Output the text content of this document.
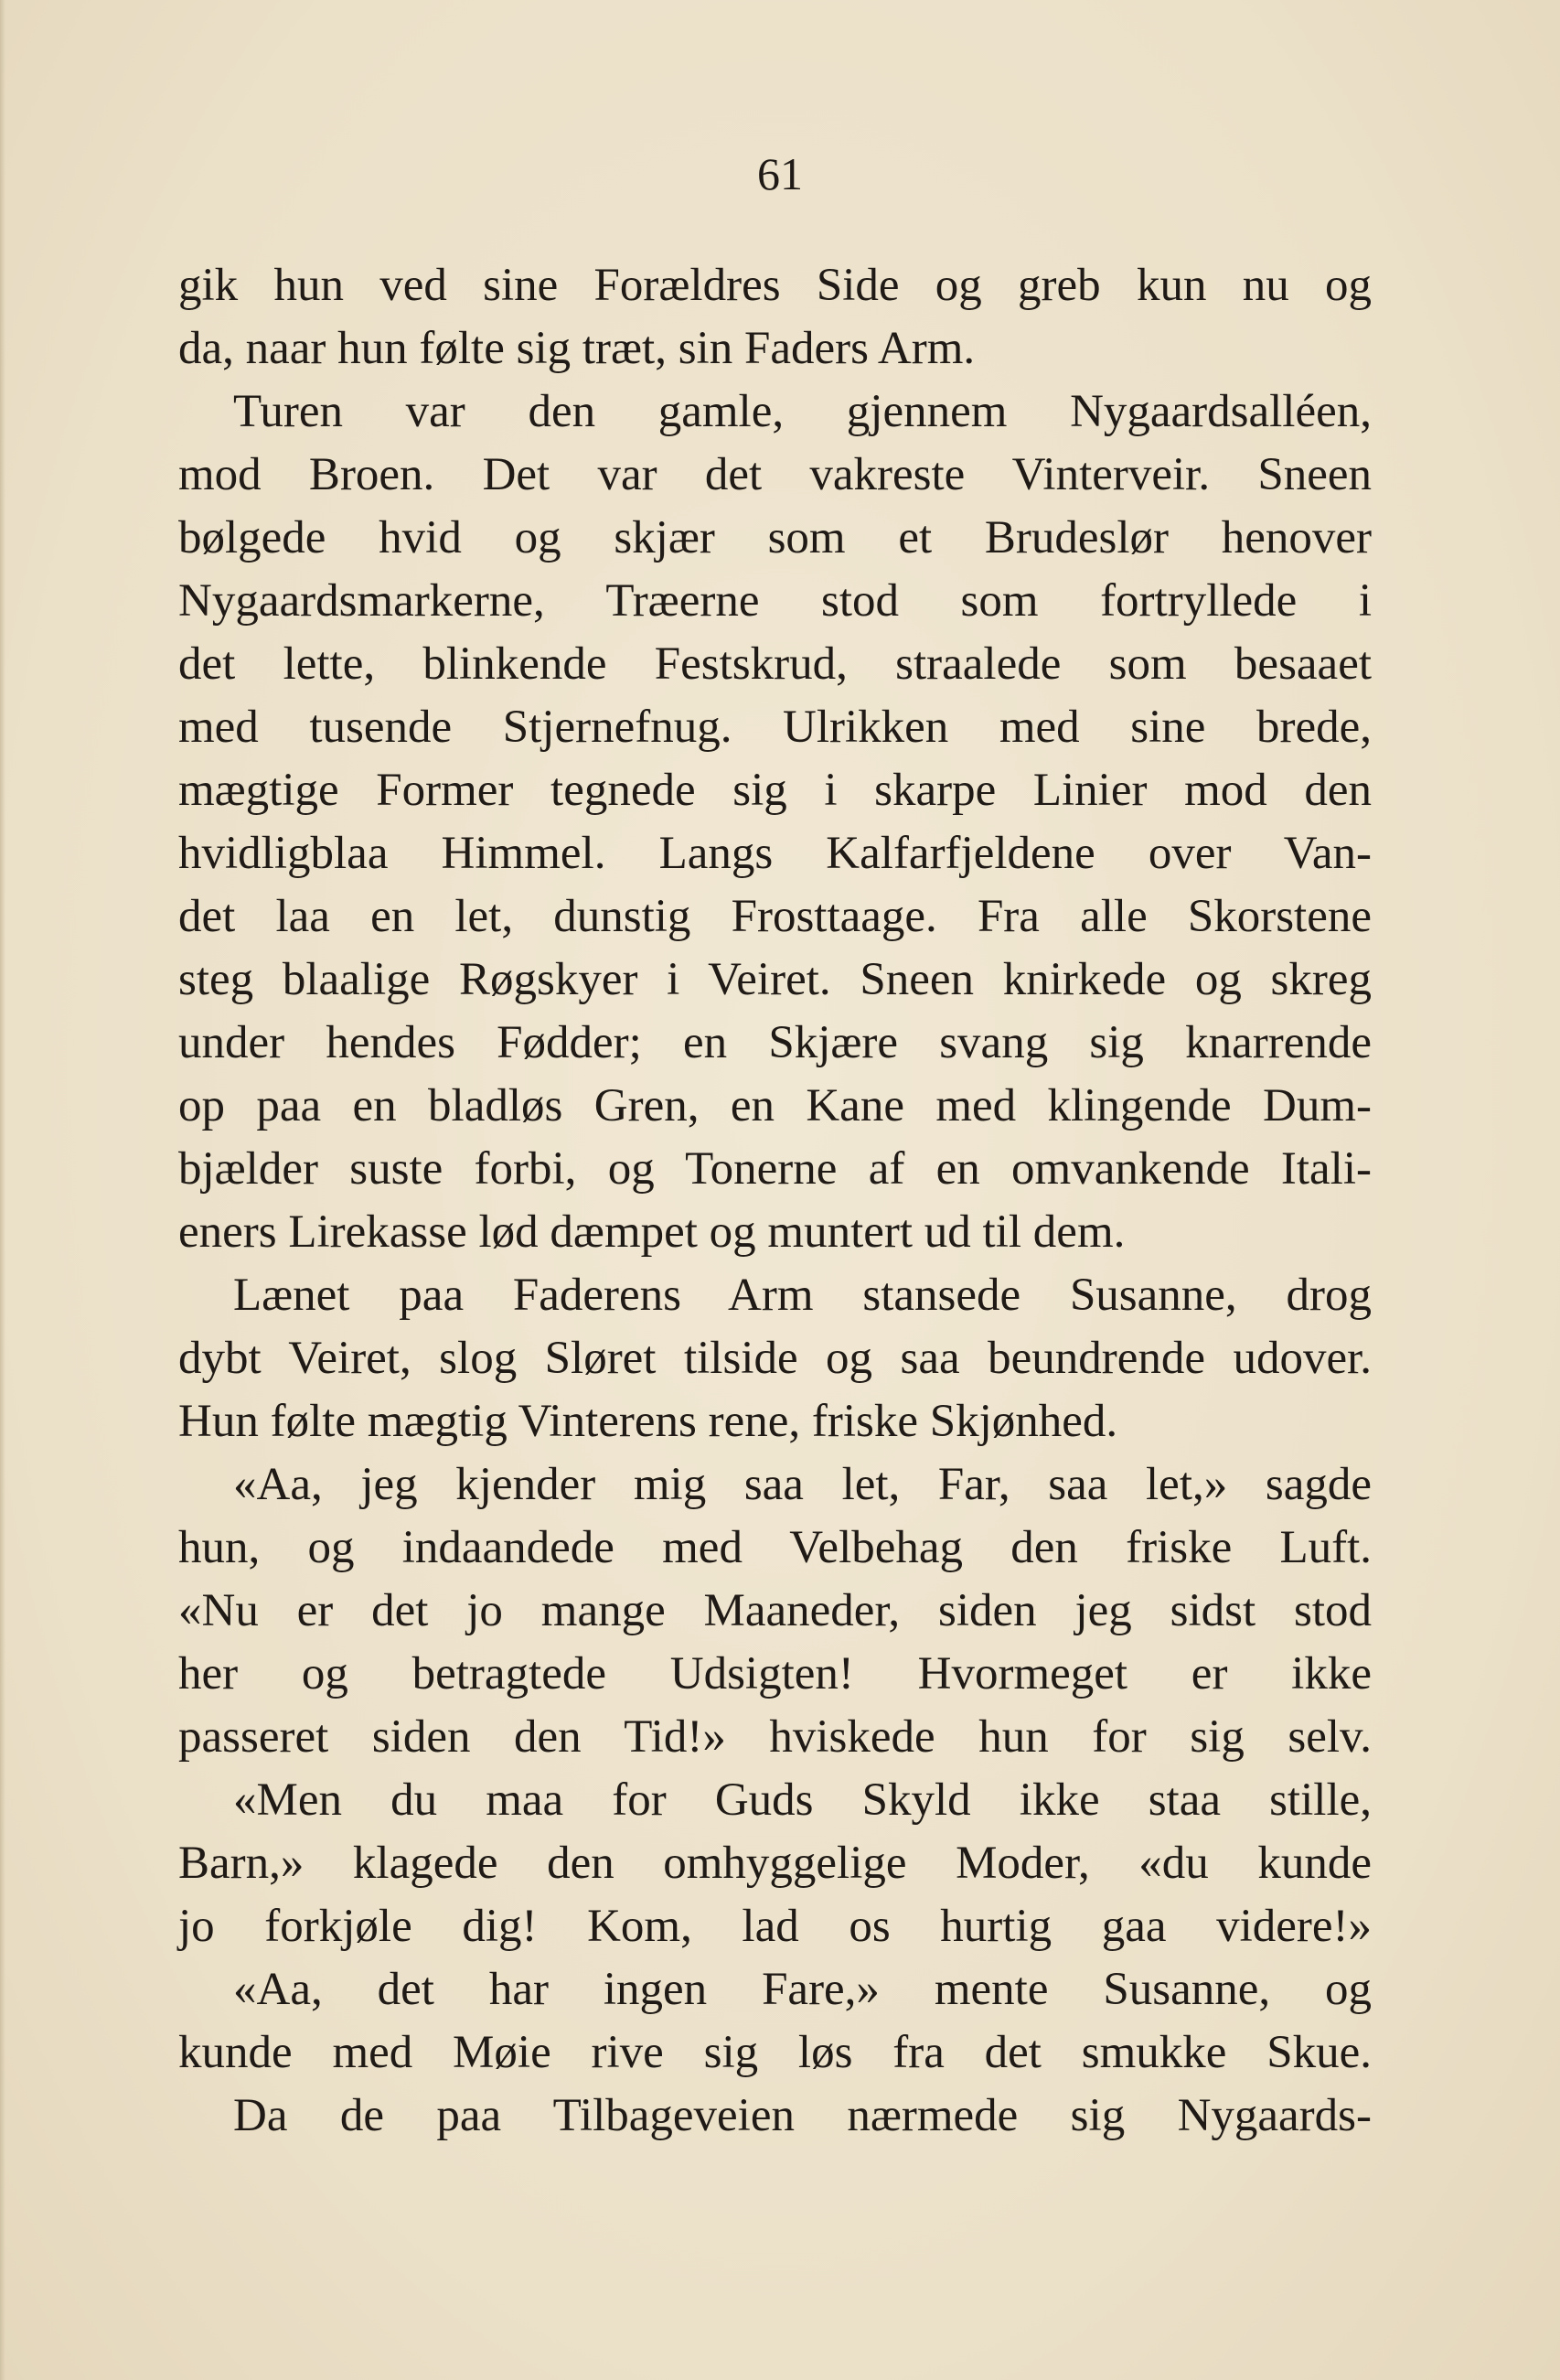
61
gik hun ved sine Forældres Side og greb kun nu og
da, naar hun følte sig træt, sin Faders Arm.
Turen var den gamle, gjennem Nygaardsalléen,
mod Broen. Det var det vakreste Vinterveir. Sneen
bølgede hvid og skjær som et Brudeslør henover
Nygaardsmarkerne, Træerne stod som fortryllede i
det lette, blinkende Festskrud, straalede som besaaet
med tusende Stjernefnug. Ulrikken med sine brede,
mægtige Former tegnede sig i skarpe Linier mod den
hvidligblaa Himmel. Langs Kalfarfjeldene over Van-
det laa en let, dunstig Frosttaage. Fra alle Skorstene
steg blaalige Røgskyer i Veiret. Sneen knirkede og skreg
under hendes Fødder; en Skjære svang sig knarrende
op paa en bladløs Gren, en Kane med klingende Dum-
bjælder suste forbi, og Tonerne af en omvankende Itali-
eners Lirekasse lød dæmpet og muntert ud til dem.
Lænet paa Faderens Arm stansede Susanne, drog
dybt Veiret, slog Sløret tilside og saa beundrende udover.
Hun følte mægtig Vinterens rene, friske Skjønhed.
«Aa, jeg kjender mig saa let, Far, saa let,» sagde
hun, og indaandede med Velbehag den friske Luft.
«Nu er det jo mange Maaneder, siden jeg sidst stod
her og betragtede Udsigten! Hvormeget er ikke
passeret siden den Tid!» hviskede hun for sig selv.
«Men du maa for Guds Skyld ikke staa stille,
Barn,» klagede den omhyggelige Moder, «du kunde
jo forkjøle dig! Kom, lad os hurtig gaa videre!»
«Aa, det har ingen Fare,» mente Susanne, og
kunde med Møie rive sig løs fra det smukke Skue.
Da de paa Tilbageveien nærmede sig Nygaards-
